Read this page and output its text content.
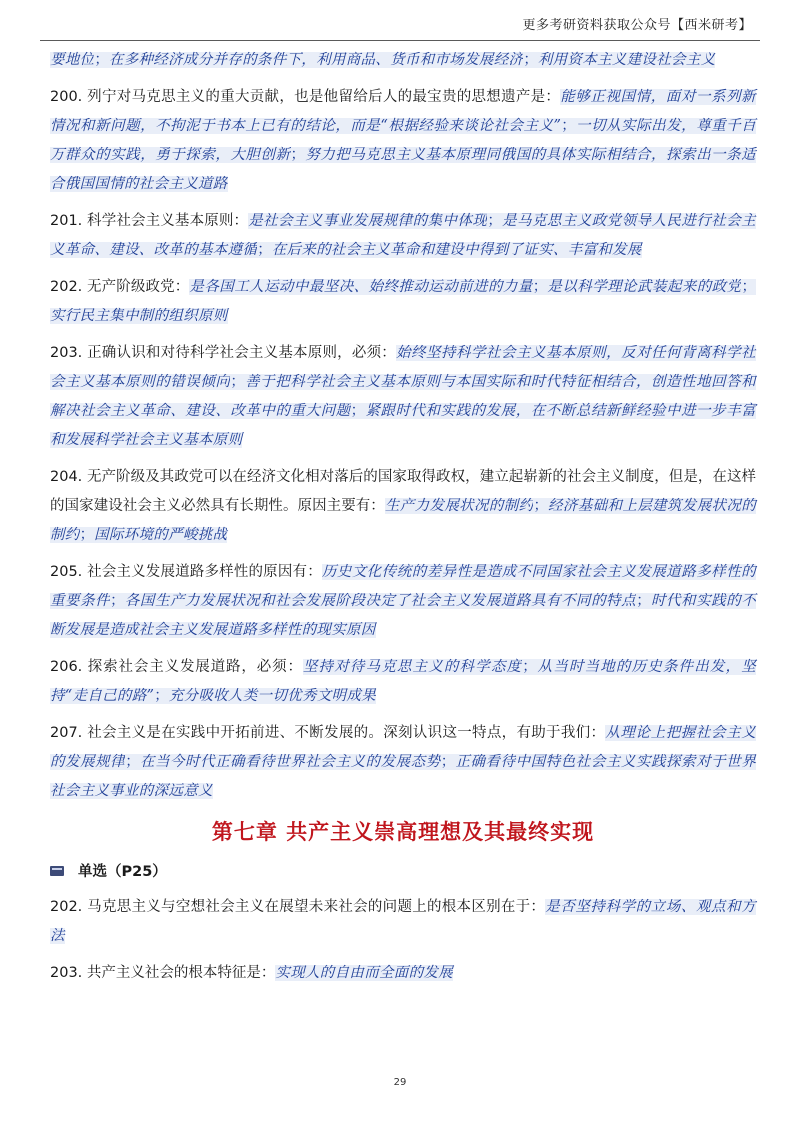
更多考研资料获取公众号【西米研考】

要地位；在多种经济成分并存的条件下，利用商品、货币和市场发展经济；利用资本主义建设社会主义

200. 列宁对马克思主义的重大贡献，也是他留给后人的最宝贵的思想遗产是：能够正视国情，面对一系列新情况和新问题，不拘泥于书本上已有的结论，而是“根据经验来谈论社会主义”；一切从实际出发，尊重千百万群众的实践，勇于探索，大胆创新；努力把马克思主义基本原理同俄国的具体实际相结合，探索出一条适合俄国国情的社会主义道路

201. 科学社会主义基本原则：是社会主义事业发展规律的集中体现；是马克思主义政党领导人民进行社会主义革命、建设、改革的基本遵循；在后来的社会主义革命和建设中得到了证实、丰富和发展

202. 无产阶级政党：是各国工人运动中最坚决、始终推动运动前进的力量；是以科学理论武装起来的政党；实行民主集中制的组织原则

203. 正确认识和对待科学社会主义基本原则，必须：始终坚持科学社会主义基本原则，反对任何背离科学社会主义基本原则的错误倾向；善于把科学社会主义基本原则与本国实际和时代特征相结合，创造性地回答和解决社会主义革命、建设、改革中的重大问题；紧跟时代和实践的发展，在不断总结新鲜经验中进一步丰富和发展科学社会主义基本原则

204. 无产阶级及其政党可以在经济文化相对落后的国家取得政权，建立起崭新的社会主义制度，但是，在这样的国家建设社会主义必然具有长期性。原因主要有：生产力发展状况的制约；经济基础和上层建筑发展状况的制约；国际环境的严峻挑战

205. 社会主义发展道路多样性的原因有：历史文化传统的差异性是造成不同国家社会主义发展道路多样性的重要条件；各国生产力发展状况和社会发展阶段决定了社会主义发展道路具有不同的特点；时代和实践的不断发展是造成社会主义发展道路多样性的现实原因

206. 探索社会主义发展道路，必须：坚持对待马克思主义的科学态度；从当时当地的历史条件出发，坚持“走自己的路”；充分吸收人类一切优秀文明成果

207. 社会主义是在实践中开拓前进、不断发展的。深刻认识这一特点，有助于我们：从理论上把握社会主义的发展规律；在当今时代正确看待世界社会主义的发展态势；正确看待中国特色社会主义实践探索对于世界社会主义事业的深远意义

第七章 共产主义崇高理想及其最终实现
单选（P25）

202. 马克思主义与空想社会主义在展望未来社会的问题上的根本区别在于：是否坚持科学的立场、观点和方法

203. 共产主义社会的根本特征是：实现人的自由而全面的发展

29
